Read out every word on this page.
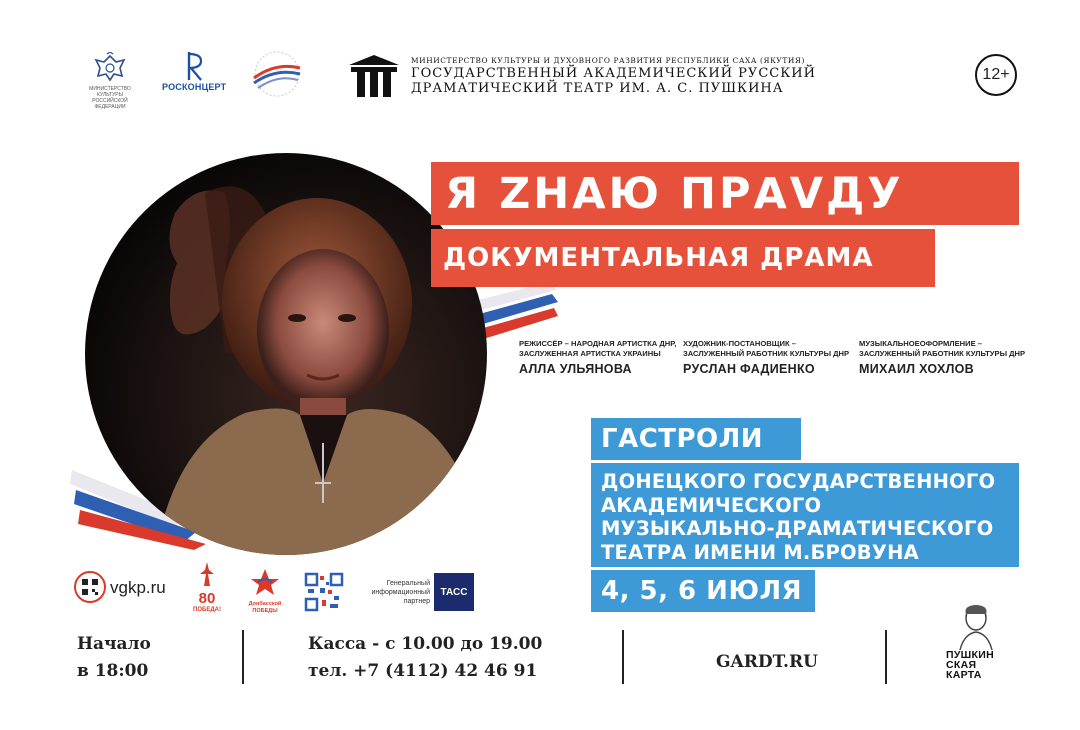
МИНИСТЕРСТВО КУЛЬТУРЫ РОССИЙСКОЙ ФЕДЕРАЦИИ
РОСКОНЦЕРТ
МИНИСТЕРСТВО КУЛЬТУРЫ И ДУХОВНОГО РАЗВИТИЯ РЕСПУБЛИКИ САХА (ЯКУТИЯ)
ГОСУДАРСТВЕННЫЙ АКАДЕМИЧЕСКИЙ РУССКИЙ
ДРАМАТИЧЕСКИЙ ТЕАТР ИМ. А. С. ПУШКИНА
12+
Я ZНАЮ ПРАVДУ
ДОКУМЕНТАЛЬНАЯ ДРАМА
РЕЖИССЁР – НАРОДНАЯ АРТИСТКА ДНР,
ЗАСЛУЖЕННАЯ АРТИСТКА УКРАИНЫ
АЛЛА УЛЬЯНОВА
ХУДОЖНИК-ПОСТАНОВЩИК –
ЗАСЛУЖЕННЫЙ РАБОТНИК КУЛЬТУРЫ ДНР
РУСЛАН ФАДИЕНКО
МУЗЫКАЛЬНОЕОФОРМЛЕНИЕ –
ЗАСЛУЖЕННЫЙ РАБОТНИК КУЛЬТУРЫ ДНР
МИХАИЛ ХОХЛОВ
ГАСТРОЛИ
ДОНЕЦКОГО ГОСУДАРСТВЕННОГО
АКАДЕМИЧЕСКОГО
МУЗЫКАЛЬНО-ДРАМАТИЧЕСКОГО
ТЕАТРА ИМЕНИ М.БРОВУНА
4, 5, 6 ИЮЛЯ
vgkp.ru
80
ПОБЕДА!
Донбасской ПОБЕДЫ
Генеральный информационный партнер
ТАСС
Начало
в 18:00
Касса - с 10.00 до 19.00
тел. +7 (4112) 42 46 91	GARDT.RU	ПУШКИН
СКАЯ
КАРТА
